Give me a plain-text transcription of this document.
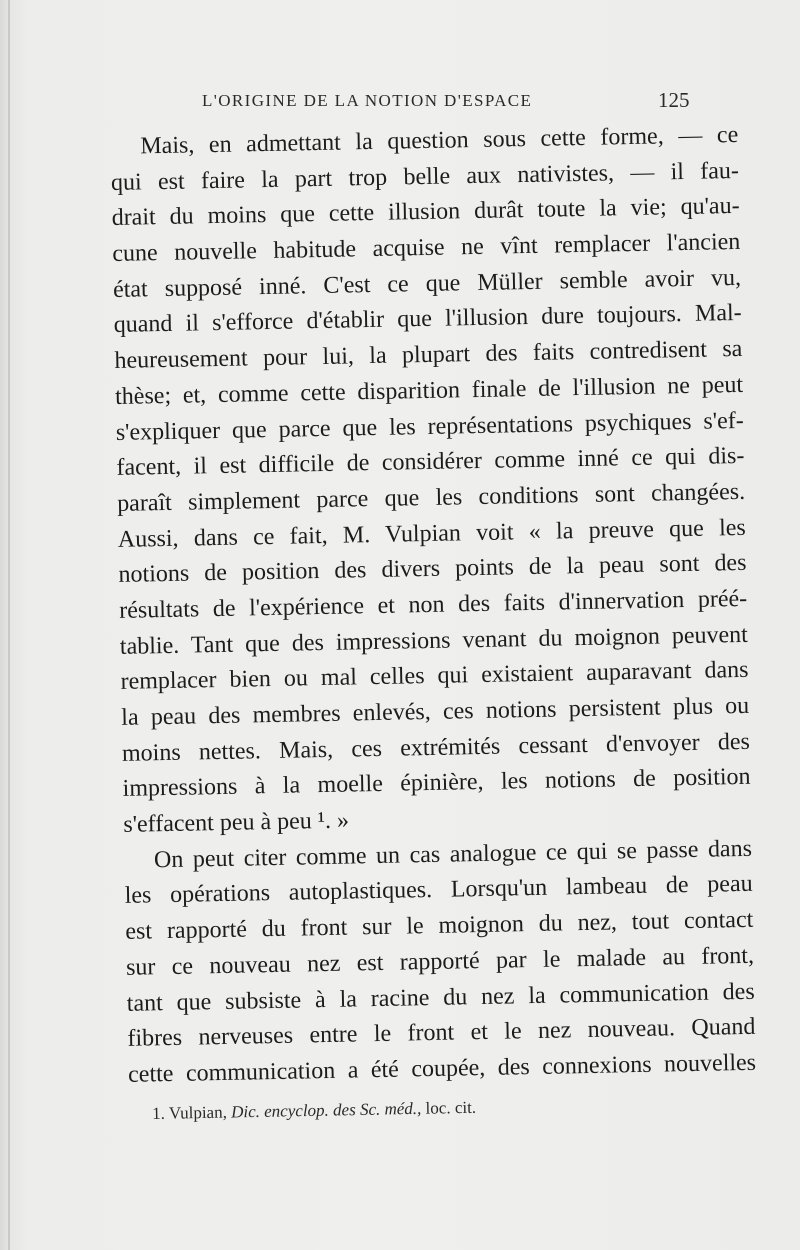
L'ORIGINE DE LA NOTION D'ESPACE	125
Mais, en admettant la question sous cette forme, — ce
qui est faire la part trop belle aux nativistes, — il fau-
drait du moins que cette illusion durât toute la vie; qu'au-
cune nouvelle habitude acquise ne vînt remplacer l'ancien
état supposé inné. C'est ce que Müller semble avoir vu,
quand il s'efforce d'établir que l'illusion dure toujours. Mal-
heureusement pour lui, la plupart des faits contredisent sa
thèse; et, comme cette disparition finale de l'illusion ne peut
s'expliquer que parce que les représentations psychiques s'ef-
facent, il est difficile de considérer comme inné ce qui dis-
paraît simplement parce que les conditions sont changées.
Aussi, dans ce fait, M. Vulpian voit « la preuve que les
notions de position des divers points de la peau sont des
résultats de l'expérience et non des faits d'innervation préé-
tablie. Tant que des impressions venant du moignon peuvent
remplacer bien ou mal celles qui existaient auparavant dans
la peau des membres enlevés, ces notions persistent plus ou
moins nettes. Mais, ces extrémités cessant d'envoyer des
impressions à la moelle épinière, les notions de position
s'effacent peu à peu ¹. »
On peut citer comme un cas analogue ce qui se passe dans
les opérations autoplastiques. Lorsqu'un lambeau de peau
est rapporté du front sur le moignon du nez, tout contact
sur ce nouveau nez est rapporté par le malade au front,
tant que subsiste à la racine du nez la communication des
fibres nerveuses entre le front et le nez nouveau. Quand
cette communication a été coupée, des connexions nouvelles
1. Vulpian, Dic. encyclop. des Sc. méd., loc. cit.
